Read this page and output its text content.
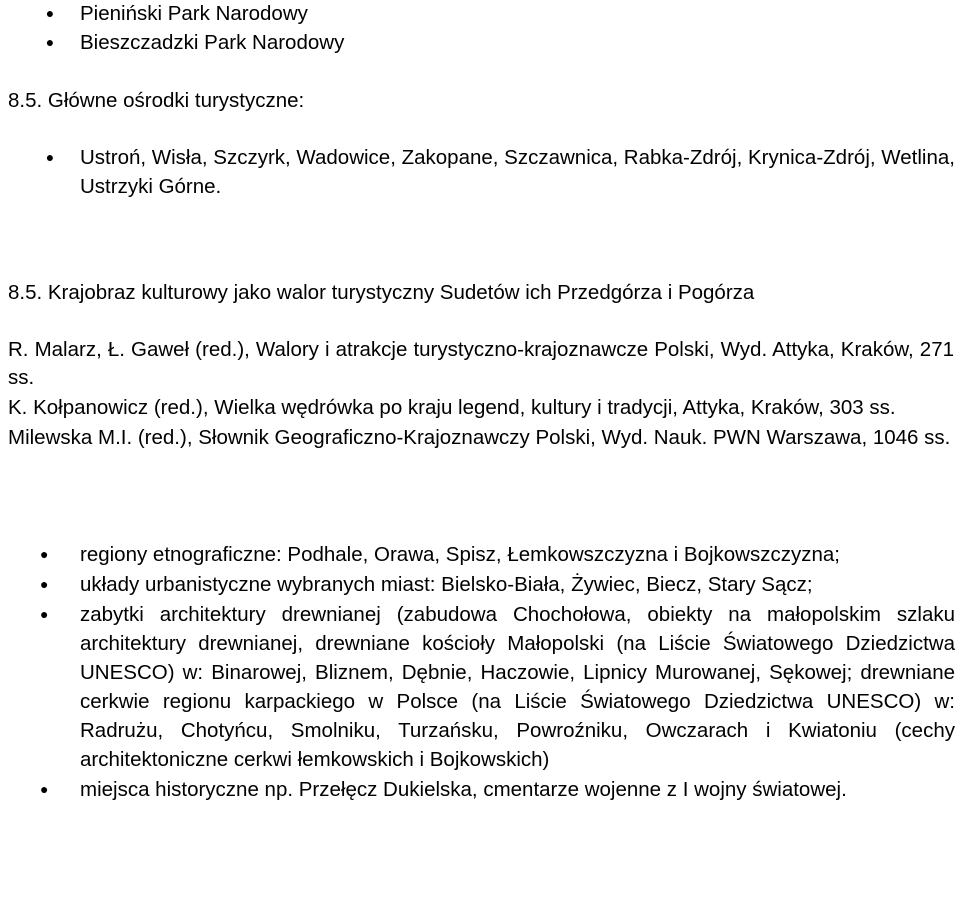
● Pieniński Park Narodowy
● Bieszczadzki Park Narodowy
8.5. Główne ośrodki turystyczne:
● Ustroń, Wisła, Szczyrk, Wadowice, Zakopane, Szczawnica, Rabka-Zdrój, Krynica-Zdrój, Wetlina, Ustrzyki Górne.
8.5. Krajobraz kulturowy jako walor turystyczny Sudetów ich Przedgórza i Pogórza

R. Malarz, Ł. Gaweł (red.), Walory i atrakcje turystyczno-krajoznawcze Polski, Wyd. Attyka, Kraków, 271 ss.

K. Kołpanowicz (red.), Wielka wędrówka po kraju legend, kultury i tradycji, Attyka, Kraków, 303 ss.

Milewska M.I. (red.), Słownik Geograficzno-Krajoznawczy Polski, Wyd. Nauk. PWN Warszawa, 1046 ss.

●	regiony etnograficzne: Podhale, Orawa, Spisz, Łemkowszczyzna i Bojkowszczyzna;
●	układy urbanistyczne wybranych miast: Bielsko-Biała, Żywiec, Biecz, Stary Sącz;
●	zabytki architektury drewnianej (zabudowa Chochołowa, obiekty na małopolskim szlaku architektury drewnianej, drewniane kościoły Małopolski (na Liście Światowego Dziedzictwa UNESCO) w: Binarowej, Bliznem, Dębnie, Haczowie, Lipnicy Murowanej, Sękowej; drewniane cerkwie regionu karpackiego w Polsce (na Liście Światowego Dziedzictwa UNESCO) w: Radrużu, Chotyńcu, Smolniku, Turzańsku, Powroźniku, Owczarach i Kwiatoniu (cechy architektoniczne cerkwi łemkowskich i Bojkowskich)
●	miejsca historyczne np. Przełęcz Dukielska, cmentarze wojenne z I wojny światowej.
